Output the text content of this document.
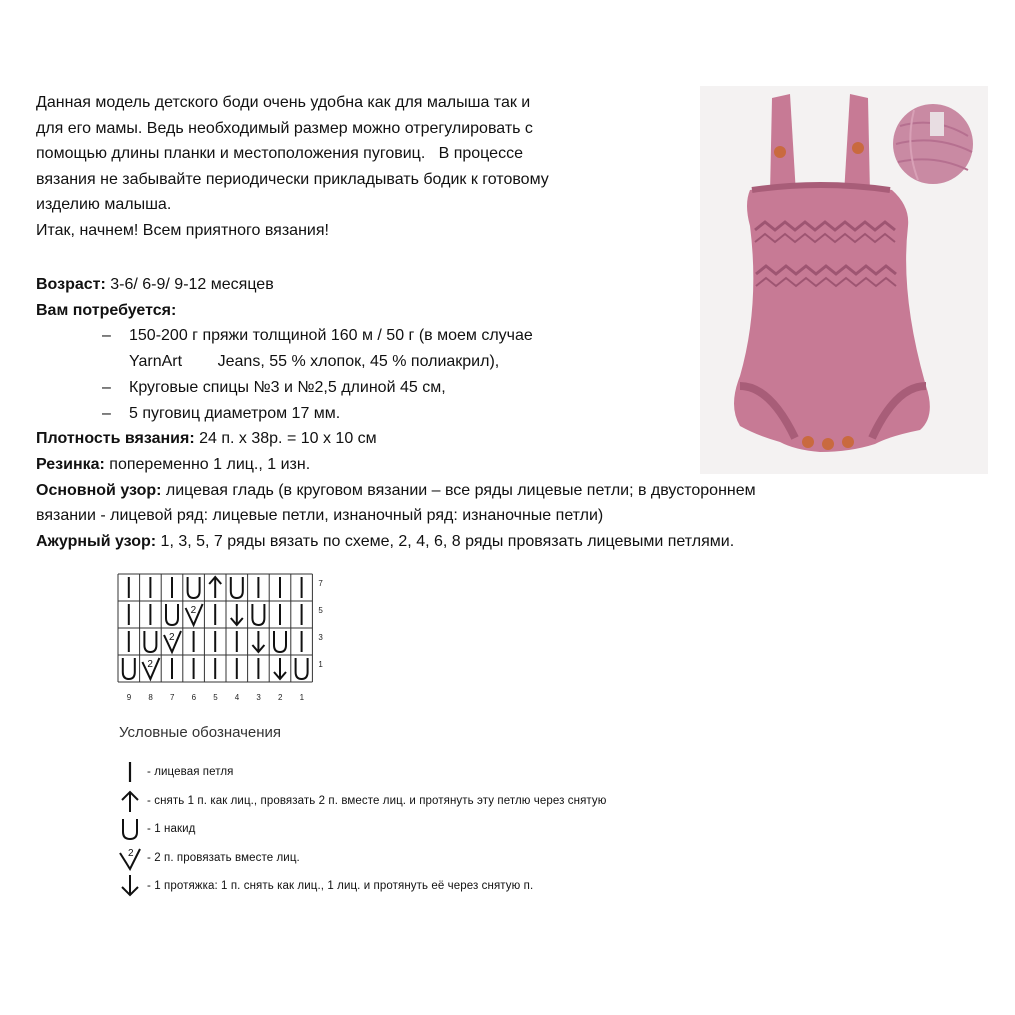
Данная модель детского боди очень удобна как для малыша так и

для его мамы. Ведь необходимый размер можно отрегулировать с

помощью длины планки и местоположения пуговиц.   В процессе

вязания не забывайте периодически прикладывать бодик к готовому

изделию малыша.

Итак, начнем! Всем приятного вязания!

Возраст: 3-6/ 6-9/ 9-12 месяцев
Вам потребуется:
– 150-200 г пряжи толщиной 160 м / 50 г (в моем случае
YarnArt        Jeans, 55 % хлопок, 45 % полиакрил),
– Круговые спицы №3 и №2,5 длиной 45 см,
– 5 пуговиц диаметром 17 мм.
Плотность вязания: 24 п. х 38р. = 10 х 10 см
Резинка: попеременно 1 лиц., 1 изн.
Основной узор: лицевая гладь (в круговом вязании – все ряды лицевые петли; в двустороннем
вязании - лицевой ряд: лицевые петли, изнаночный ряд: изнаночные петли)
Ажурный узор: 1, 3, 5, 7 ряды вязать по схеме, 2, 4, 6, 8 ряды провязать лицевыми петлями.
2
2
2
7
5
3
1
9 8 7 6 5 4 3 2 1
Условные обозначения
- лицевая петля
- снять 1 п. как лиц., провязать 2 п. вместе лиц. и протянуть эту петлю через снятую
- 1 накид
2 - 2 п. провязать вместе лиц.
- 1 протяжка: 1 п. снять как лиц., 1 лиц. и протянуть её через снятую п.
